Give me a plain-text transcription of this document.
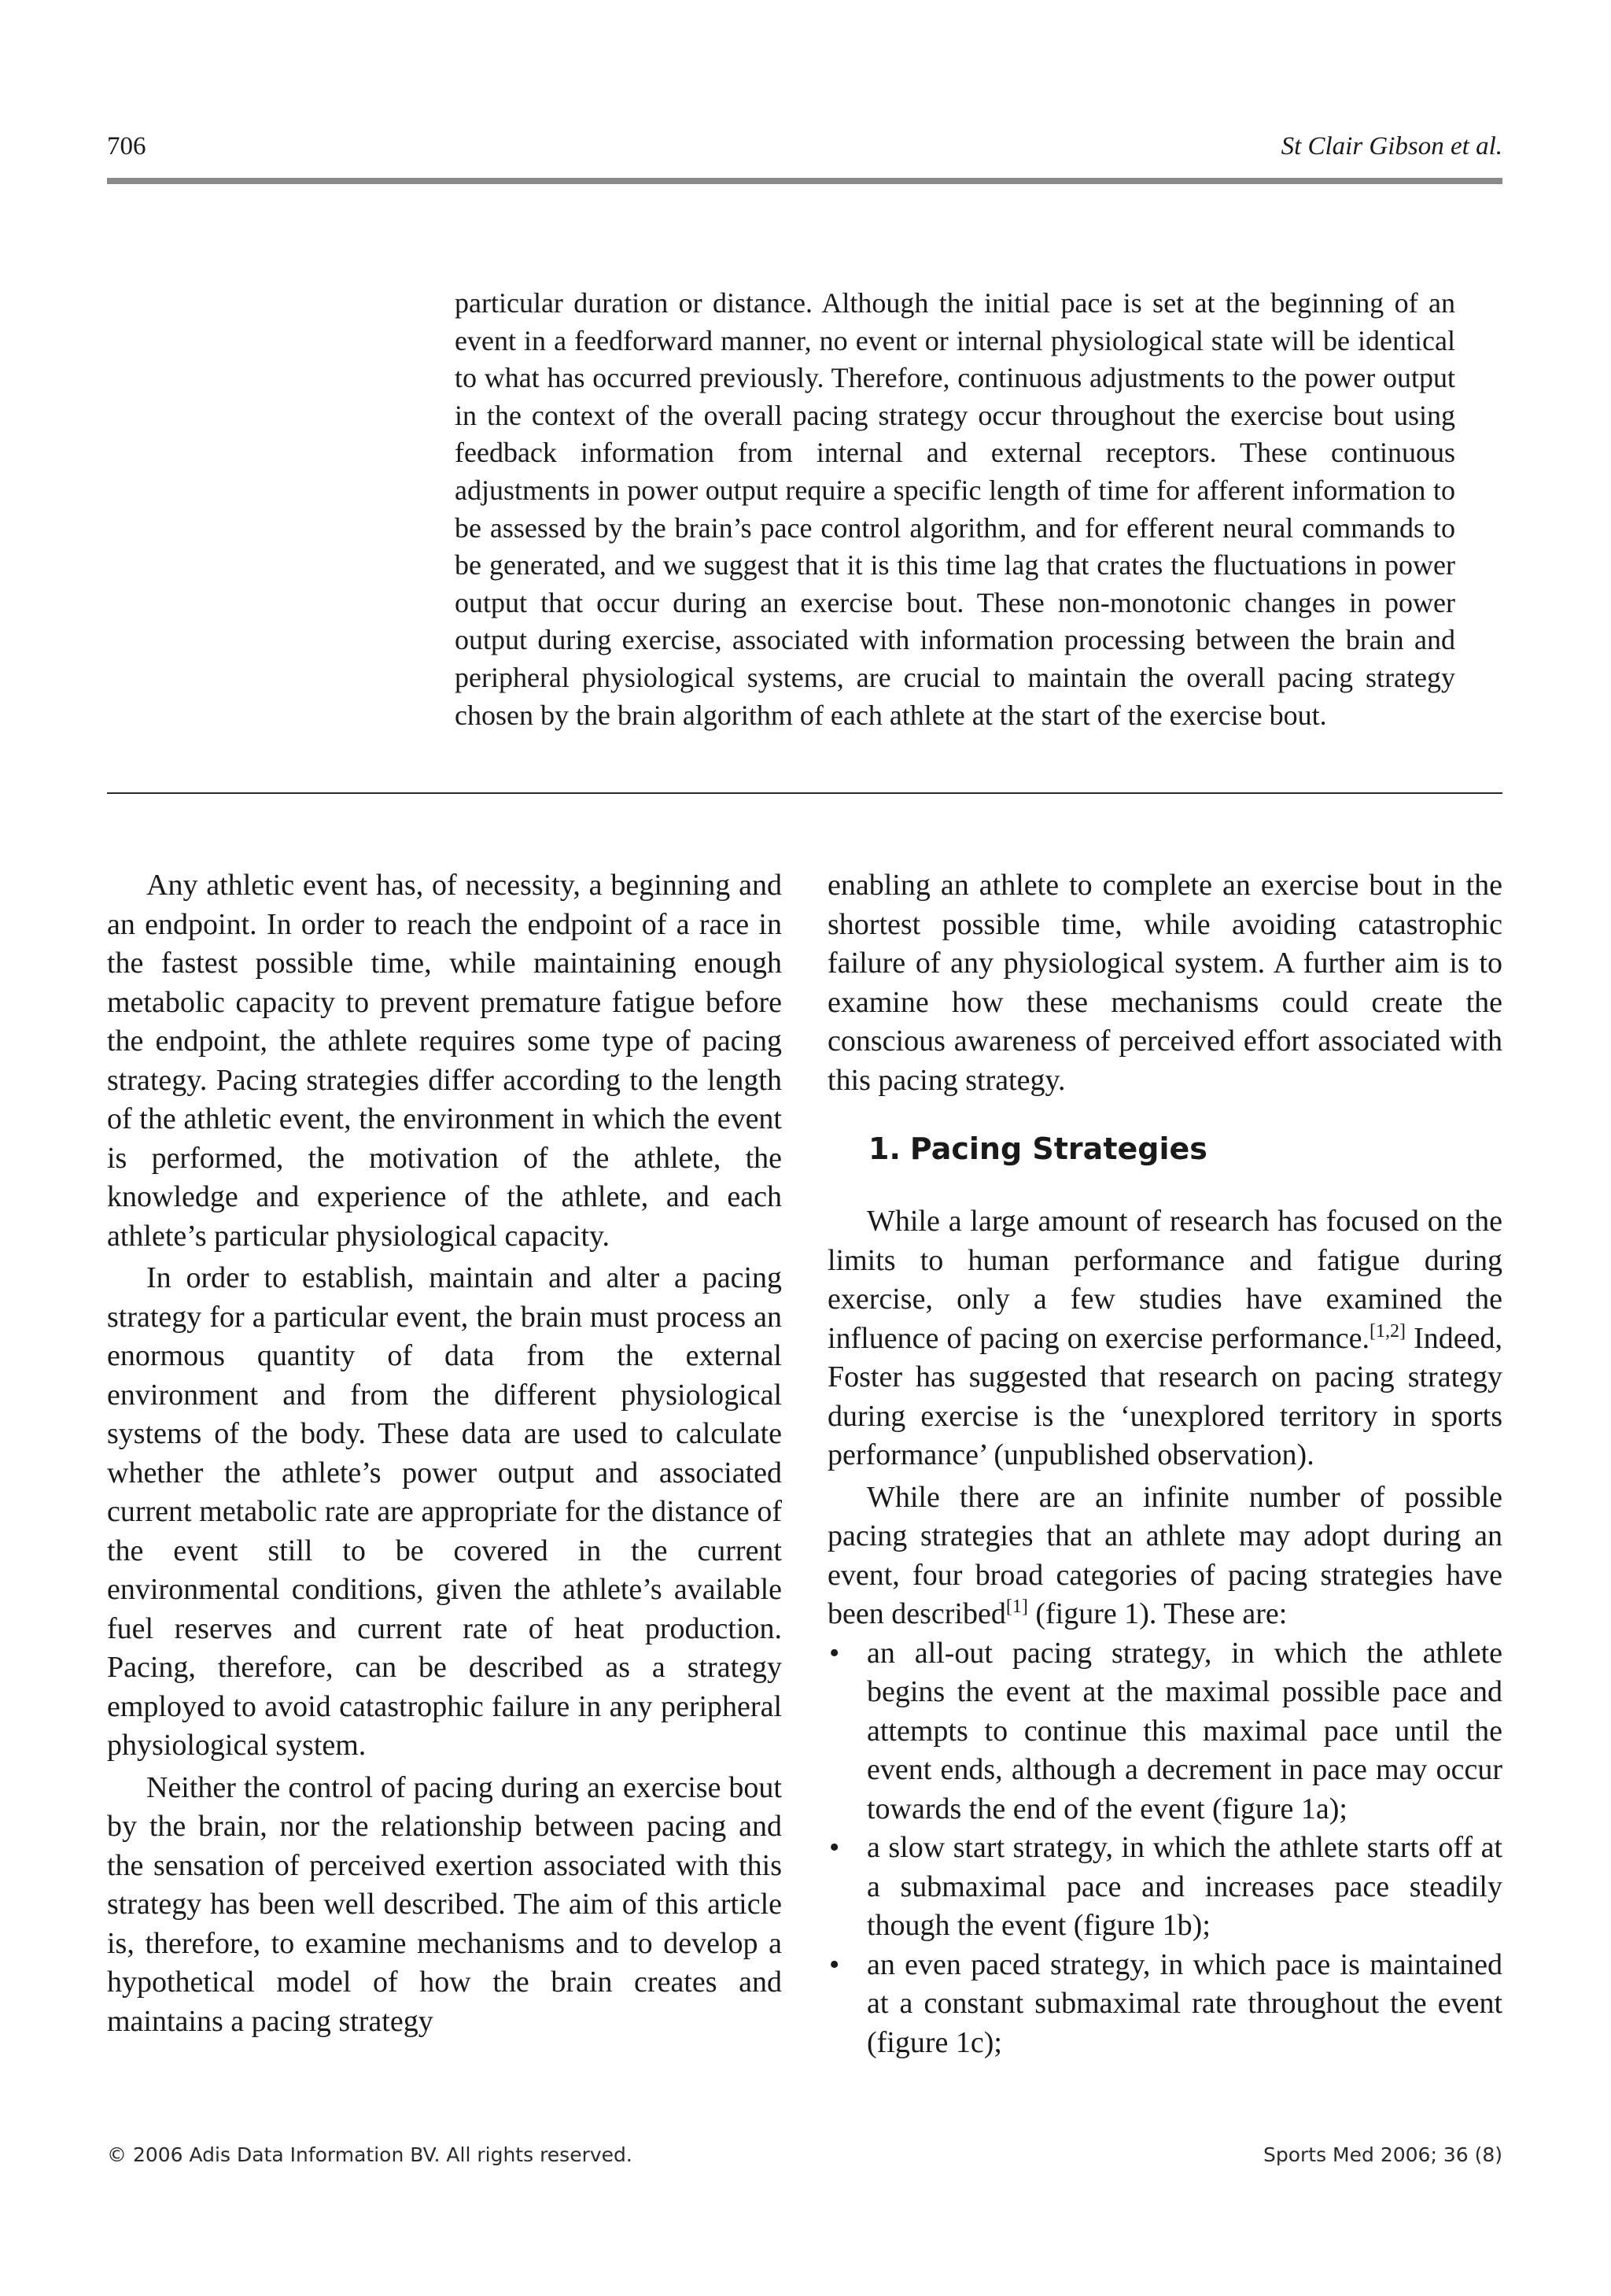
706	St Clair Gibson et al.

particular duration or distance. Although the initial pace is set at the beginning of an event in a feedforward manner, no event or internal physiological state will be identical to what has occurred previously. Therefore, continuous adjustments to the power output in the context of the overall pacing strategy occur throughout the exercise bout using feedback information from internal and external receptors. These continuous adjustments in power output require a specific length of time for afferent information to be assessed by the brain’s pace control algorithm, and for efferent neural commands to be generated, and we suggest that it is this time lag that crates the fluctuations in power output that occur during an exercise bout. These non-monotonic changes in power output during exercise, associated with information processing between the brain and peripheral physiological systems, are crucial to maintain the overall pacing strategy chosen by the brain algorithm of each athlete at the start of the exercise bout.

Any athletic event has, of necessity, a beginning and an endpoint. In order to reach the endpoint of a race in the fastest possible time, while maintaining enough metabolic capacity to prevent premature fatigue before the endpoint, the athlete requires some type of pacing strategy. Pacing strategies differ according to the length of the athletic event, the environment in which the event is performed, the motivation of the athlete, the knowledge and experience of the athlete, and each athlete’s particular physiological capacity.

In order to establish, maintain and alter a pacing strategy for a particular event, the brain must process an enormous quantity of data from the external environment and from the different physiological systems of the body. These data are used to calculate whether the athlete’s power output and associated current metabolic rate are appropriate for the distance of the event still to be covered in the current environmental conditions, given the athlete’s available fuel reserves and current rate of heat production. Pacing, therefore, can be described as a strategy employed to avoid catastrophic failure in any peripheral physiological system.

Neither the control of pacing during an exercise bout by the brain, nor the relationship between pacing and the sensation of perceived exertion associated with this strategy has been well described. The aim of this article is, therefore, to examine mechanisms and to develop a hypothetical model of how the brain creates and maintains a pacing strategy

enabling an athlete to complete an exercise bout in the shortest possible time, while avoiding catastrophic failure of any physiological system. A further aim is to examine how these mechanisms could create the conscious awareness of perceived effort associated with this pacing strategy.

1. Pacing Strategies

While a large amount of research has focused on the limits to human performance and fatigue during exercise, only a few studies have examined the influence of pacing on exercise performance.[1,2] Indeed, Foster has suggested that research on pacing strategy during exercise is the ‘unexplored territory in sports performance’ (unpublished observation).

While there are an infinite number of possible pacing strategies that an athlete may adopt during an event, four broad categories of pacing strategies have been described[1] (figure 1). These are:

• an all-out pacing strategy, in which the athlete begins the event at the maximal possible pace and attempts to continue this maximal pace until the event ends, although a decrement in pace may occur towards the end of the event (figure 1a);
• a slow start strategy, in which the athlete starts off at a submaximal pace and increases pace steadily though the event (figure 1b);
• an even paced strategy, in which pace is maintained at a constant submaximal rate throughout the event (figure 1c);
© 2006 Adis Data Information BV. All rights reserved.	Sports Med 2006; 36 (8)
